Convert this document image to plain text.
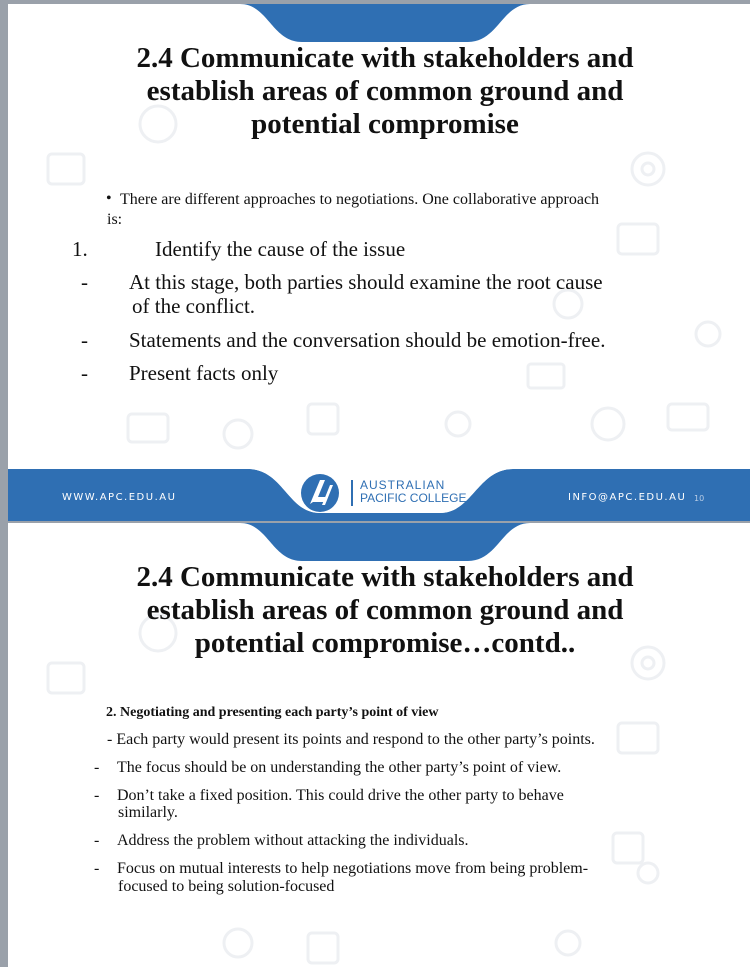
2.4 Communicate with stakeholders and
establish areas of common ground and
potential compromise
• There are different approaches to negotiations. One collaborative approach
is:
1.	Identify the cause of the issue
- At this stage, both parties should examine the root cause
of the conflict.
- Statements and the conversation should be emotion-free.
- Present facts only
WWW.APC.EDU.AU
AUSTRALIAN
PACIFIC COLLEGE	INFO@APC.EDU.AU 10
2.4 Communicate with stakeholders and
establish areas of common ground and
potential compromise…contd..
2. Negotiating and presenting each party’s point of view
- Each party would present its points and respond to the other party’s points.
- The focus should be on understanding the other party’s point of view.
- Don’t take a fixed position. This could drive the other party to behave
similarly.
- Address the problem without attacking the individuals.
- Focus on mutual interests to help negotiations move from being problem-
focused to being solution-focused
